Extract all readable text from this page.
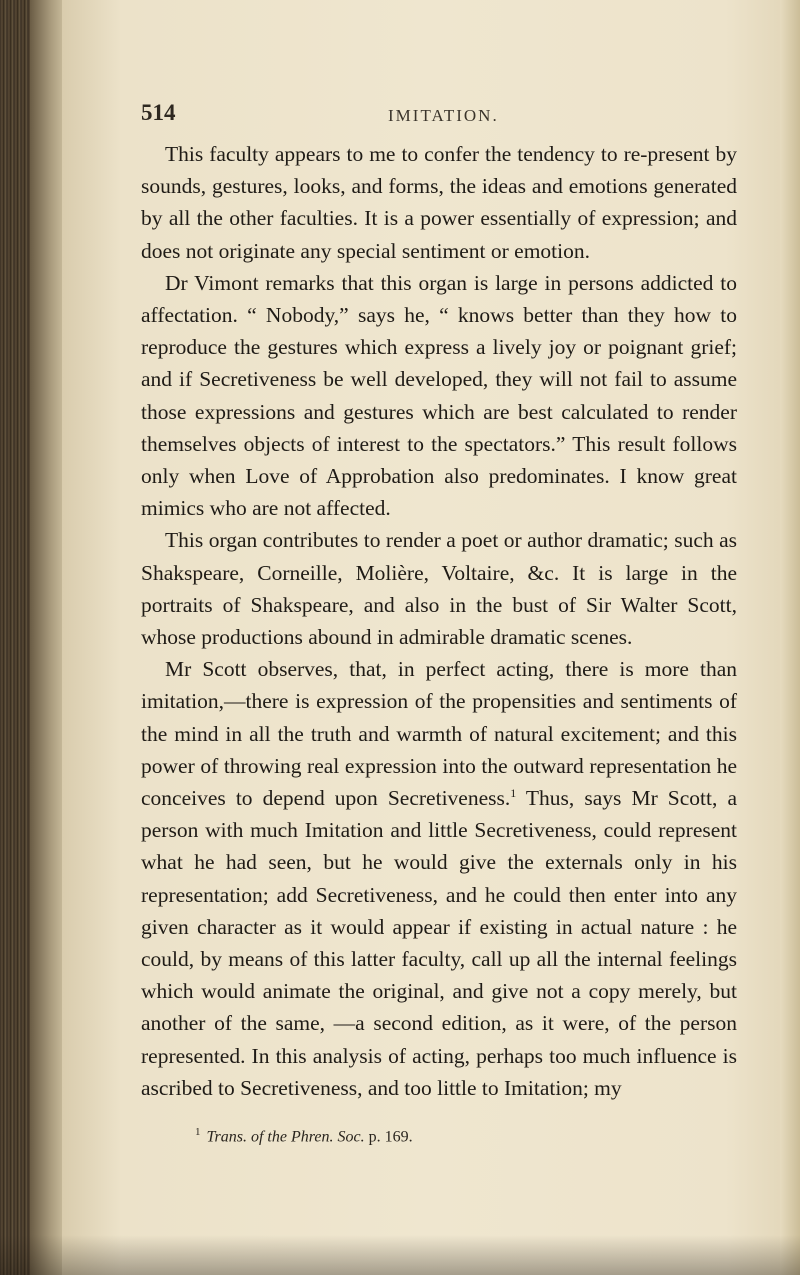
514	IMITATION.

This faculty appears to me to confer the tendency to re-present by sounds, gestures, looks, and forms, the ideas and emotions generated by all the other faculties. It is a power essentially of expression; and does not originate any special sentiment or emotion.

Dr Vimont remarks that this organ is large in persons addicted to affectation. “ Nobody,” says he, “ knows better than they how to reproduce the gestures which express a lively joy or poignant grief; and if Secretiveness be well developed, they will not fail to assume those expressions and gestures which are best calculated to render themselves objects of interest to the spectators.” This result follows only when Love of Approbation also predominates. I know great mimics who are not affected.

This organ contributes to render a poet or author dramatic; such as Shakspeare, Corneille, Molière, Voltaire, &c. It is large in the portraits of Shakspeare, and also in the bust of Sir Walter Scott, whose productions abound in admirable dramatic scenes.

Mr Scott observes, that, in perfect acting, there is more than imitation,—there is expression of the propensities and sentiments of the mind in all the truth and warmth of natural excitement; and this power of throwing real expression into the outward representation he conceives to depend upon Secretiveness.$^1$ Thus, says Mr Scott, a person with much Imitation and little Secretiveness, could represent what he had seen, but he would give the externals only in his representation; add Secretiveness, and he could then enter into any given character as it would appear if existing in actual nature : he could, by means of this latter faculty, call up all the internal feelings which would animate the original, and give not a copy merely, but another of the same, —a second edition, as it were, of the person represented. In this analysis of acting, perhaps too much influence is ascribed to Secretiveness, and too little to Imitation; my

$^1$ Trans. of the Phren. Soc. p. 169.
